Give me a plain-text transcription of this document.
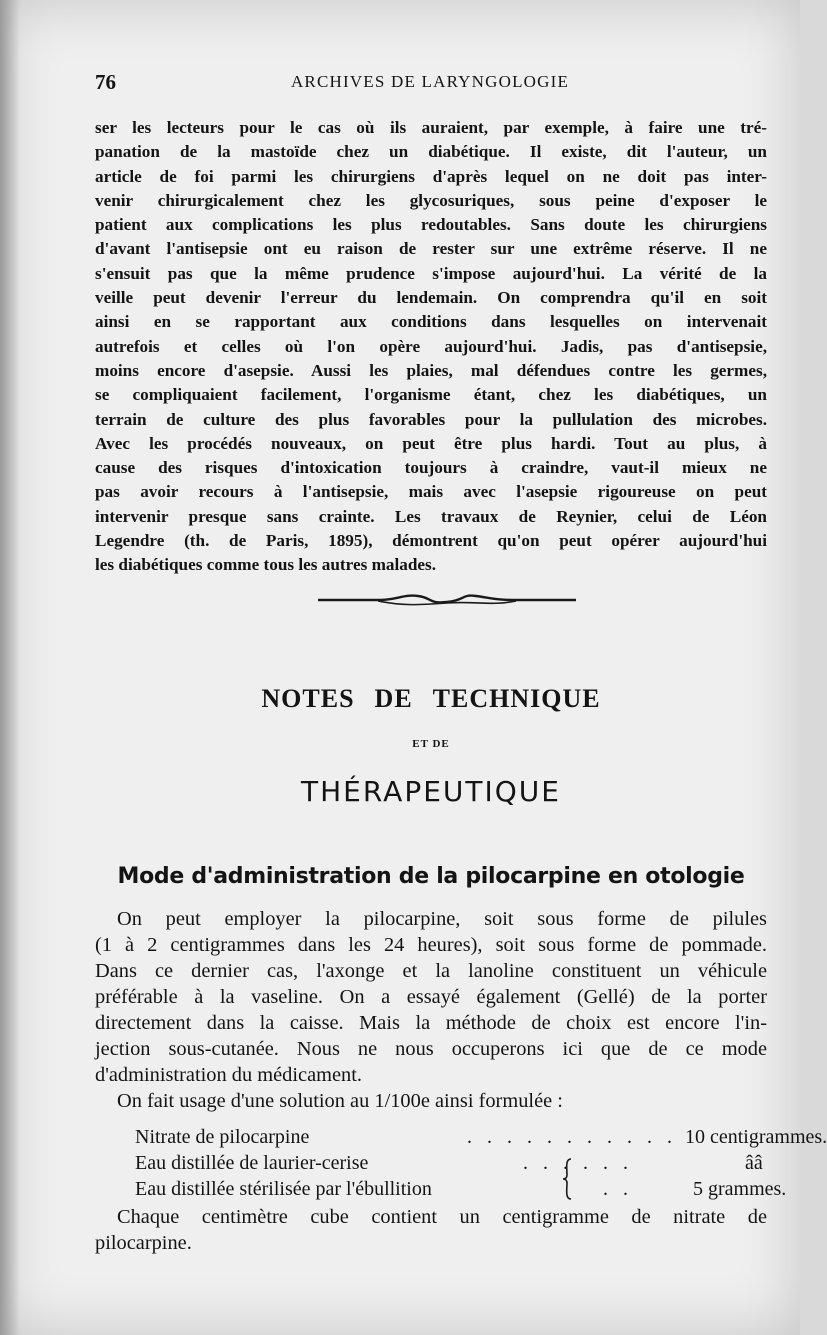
76	ARCHIVES DE LARYNGOLOGIE
ser les lecteurs pour le cas où ils auraient, par exemple, à faire une tré-
panation de la mastoïde chez un diabétique. Il existe, dit l'auteur, un
article de foi parmi les chirurgiens d'après lequel on ne doit pas inter-
venir chirurgicalement chez les glycosuriques, sous peine d'exposer le
patient aux complications les plus redoutables. Sans doute les chirurgiens
d'avant l'antisepsie ont eu raison de rester sur une extrême réserve. Il ne
s'ensuit pas que la même prudence s'impose aujourd'hui. La vérité de la
veille peut devenir l'erreur du lendemain. On comprendra qu'il en soit
ainsi en se rapportant aux conditions dans lesquelles on intervenait
autrefois et celles où l'on opère aujourd'hui. Jadis, pas d'antisepsie,
moins encore d'asepsie. Aussi les plaies, mal défendues contre les germes,
se compliquaient facilement, l'organisme étant, chez les diabétiques, un
terrain de culture des plus favorables pour la pullulation des microbes.
Avec les procédés nouveaux, on peut être plus hardi. Tout au plus, à
cause des risques d'intoxication toujours à craindre, vaut-il mieux ne
pas avoir recours à l'antisepsie, mais avec l'asepsie rigoureuse on peut
intervenir presque sans crainte. Les travaux de Reynier, celui de Léon
Legendre (th. de Paris, 1895), démontrent qu'on peut opérer aujourd'hui
les diabétiques comme tous les autres malades.
NOTES DE TECHNIQUE
ET DE
THÉRAPEUTIQUE
Mode d'administration de la pilocarpine en otologie
On peut employer la pilocarpine, soit sous forme de pilules
(1 à 2 centigrammes dans les 24 heures), soit sous forme de pommade.
Dans ce dernier cas, l'axonge et la lanoline constituent un véhicule
préférable à la vaseline. On a essayé également (Gellé) de la porter
directement dans la caisse. Mais la méthode de choix est encore l'in-
jection sous-cutanée. Nous ne nous occuperons ici que de ce mode
d'administration du médicament.
On fait usage d'une solution au 1/100e ainsi formulée :
Nitrate de pilocarpine	. . . . . . . . . . . 10 centigrammes.
Eau distillée de laurier-cerise	. . . . . .	ââ
Eau distillée stérilisée par l'ébullition	. .	5 grammes.
Chaque centimètre cube contient un centigramme de nitrate de
pilocarpine.
